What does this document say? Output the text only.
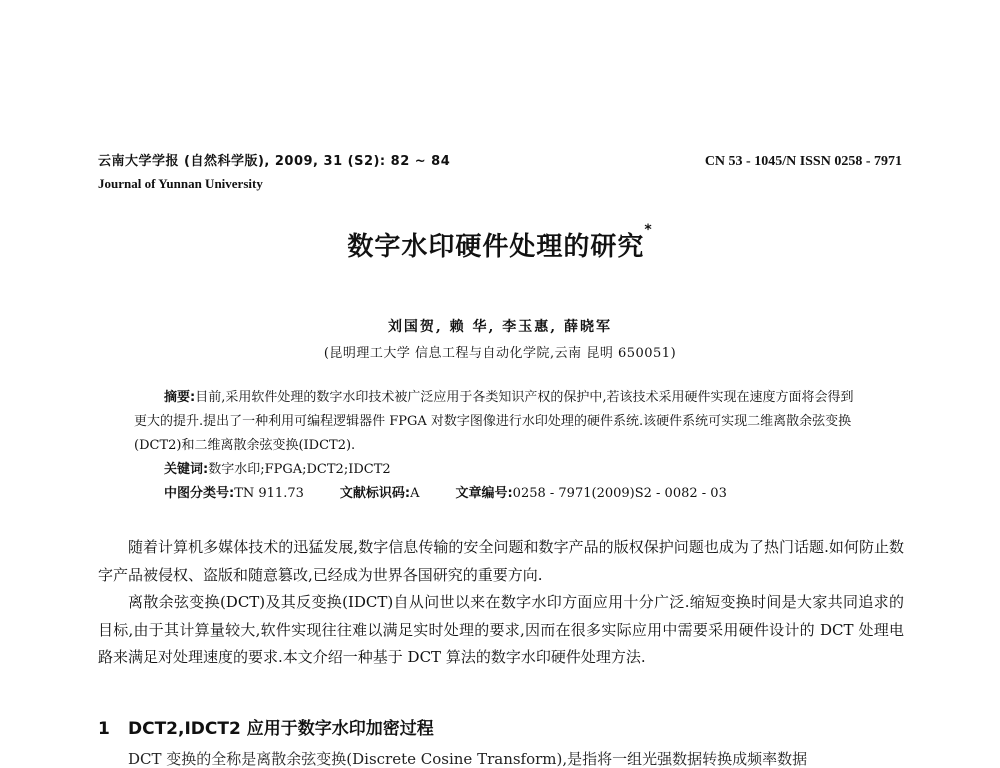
云南大学学报 (自然科学版), 2009, 31 (S2): 82 ~ 84	CN 53 - 1045/N ISSN 0258 - 7971
Journal of Yunnan University
数字水印硬件处理的研究*
刘国贺, 赖 华, 李玉惠, 薛晓军
(昆明理工大学 信息工程与自动化学院,云南 昆明 650051)

摘要:目前,采用软件处理的数字水印技术被广泛应用于各类知识产权的保护中,若该技术采用硬件实现在速度方面将会得到更大的提升.提出了一种利用可编程逻辑器件 FPGA 对数字图像进行水印处理的硬件系统.该硬件系统可实现二维离散余弦变换(DCT2)和二维离散余弦变换(IDCT2).

关键词:数字水印;FPGA;DCT2;IDCT2

中图分类号:TN 911.73	文献标识码:A	文章编号:0258 - 7971(2009)S2 - 0082 - 03

随着计算机多媒体技术的迅猛发展,数字信息传输的安全问题和数字产品的版权保护问题也成为了热门话题.如何防止数字产品被侵权、盗版和随意篡改,已经成为世界各国研究的重要方向.

离散余弦变换(DCT)及其反变换(IDCT)自从问世以来在数字水印方面应用十分广泛.缩短变换时间是大家共同追求的目标,由于其计算量较大,软件实现往往难以满足实时处理的要求,因而在很多实际应用中需要采用硬件设计的 DCT 处理电路来满足对处理速度的要求.本文介绍一种基于 DCT 算法的数字水印硬件处理方法.

1 DCT2,IDCT2 应用于数字水印加密过程
DCT 变换的全称是离散余弦变换(Discrete Cosine Transform),是指将一组光强数据转换成频率数据
